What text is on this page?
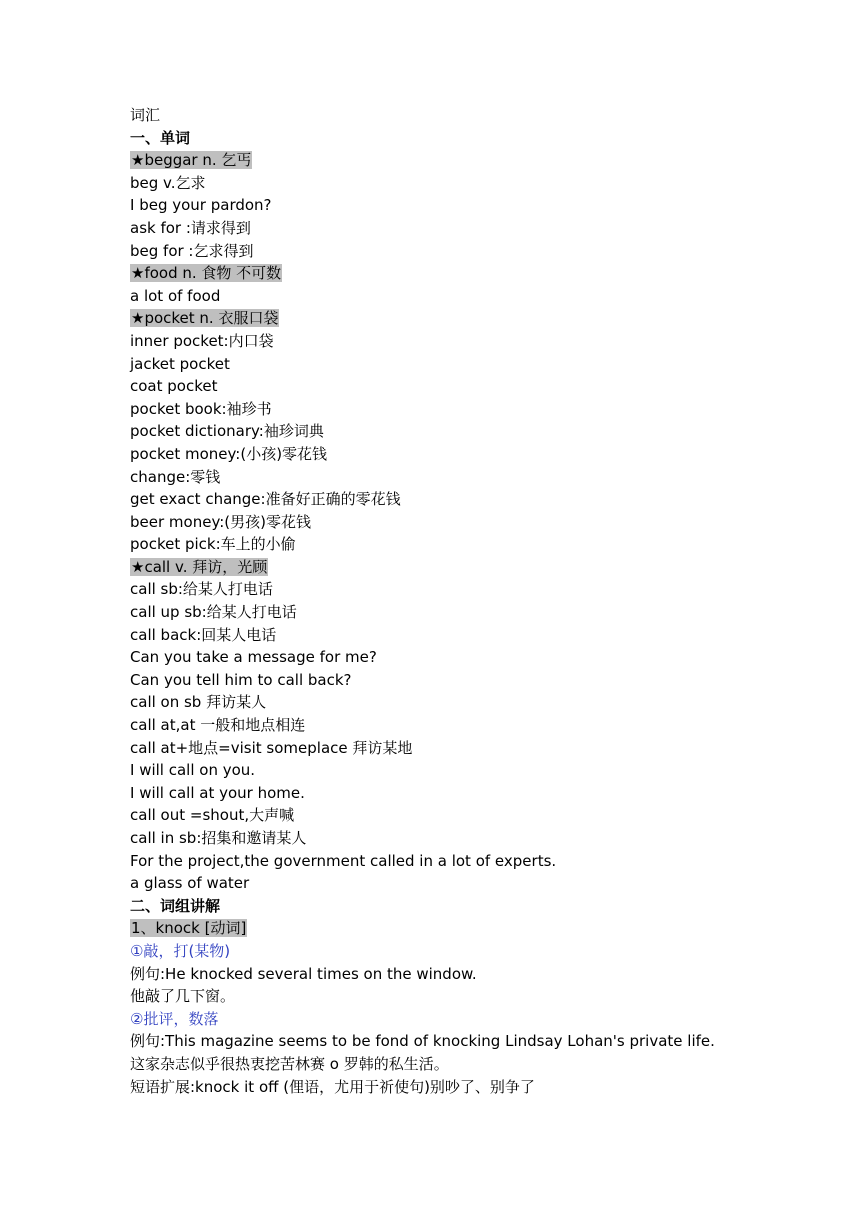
词汇
一、单词
★beggar n. 乞丐
beg v.乞求
I beg your pardon?
ask for :请求得到
beg for :乞求得到
★food n. 食物 不可数
a lot of food
★pocket n. 衣服口袋
inner pocket:内口袋
jacket pocket
coat pocket
pocket book:袖珍书
pocket dictionary:袖珍词典
pocket money:(小孩)零花钱
change:零钱
get exact change:准备好正确的零花钱
beer money:(男孩)零花钱
pocket pick:车上的小偷
★call v. 拜访，光顾
call sb:给某人打电话
call up sb:给某人打电话
call back:回某人电话
Can you take a message for me?
Can you tell him to call back?
call on sb 拜访某人
call at,at 一般和地点相连
call at+地点=visit someplace 拜访某地
I will call on you.
I will call at your home.
call out =shout,大声喊
call in sb:招集和邀请某人
For the project,the government called in a lot of experts.
a glass of water
二、词组讲解
1、knock [动词]
①敲，打(某物)
例句:He knocked several times on the window.
他敲了几下窗。
②批评，数落
例句:This magazine seems to be fond of knocking Lindsay Lohan's private life.
这家杂志似乎很热衷挖苦林赛 o 罗韩的私生活。
短语扩展:knock it off (俚语，尤用于祈使句)别吵了、别争了
